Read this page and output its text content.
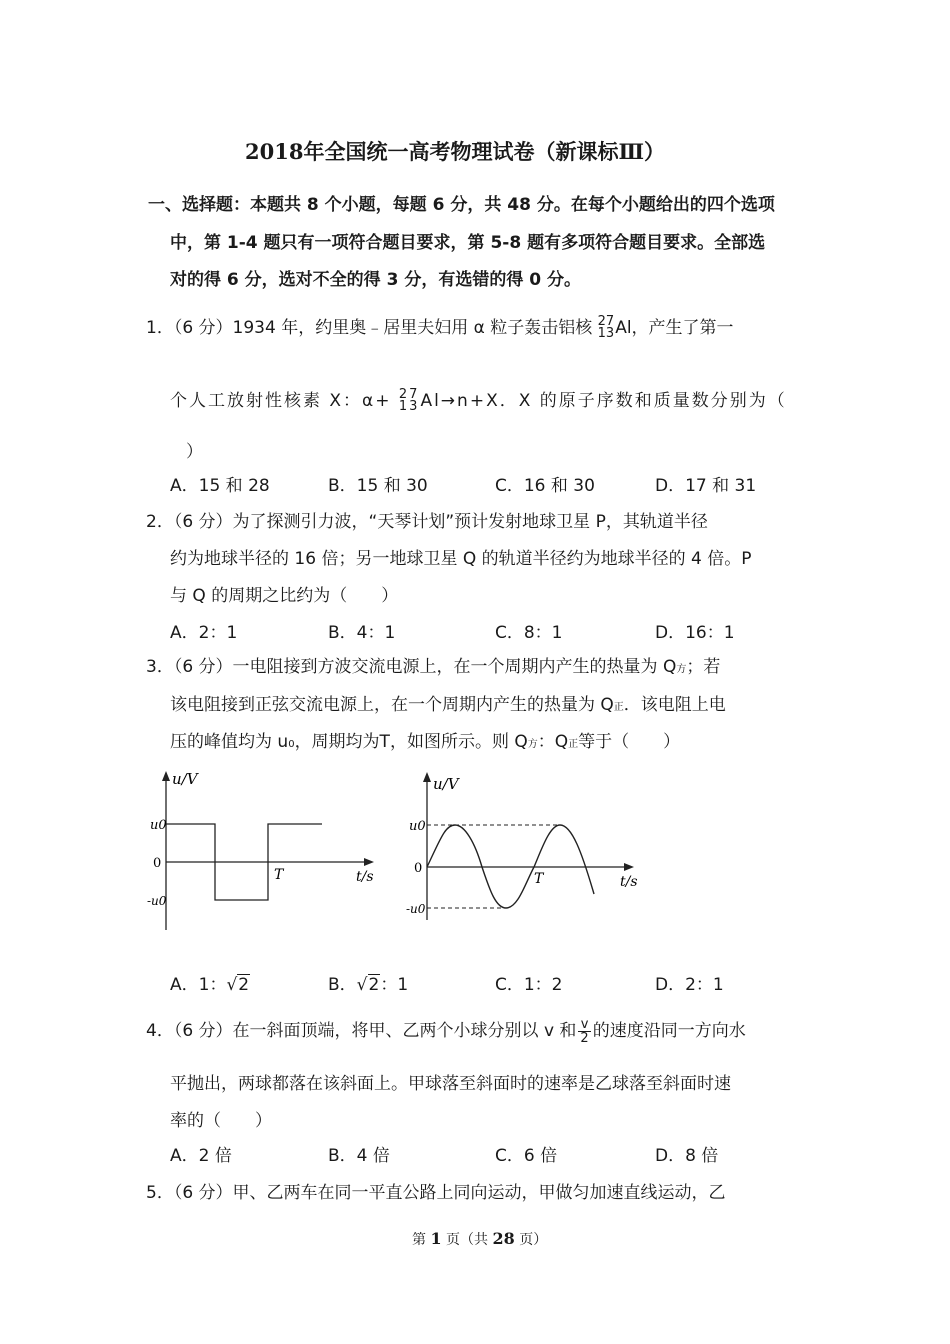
2018年全国统一高考物理试卷（新课标Ⅲ）
一、选择题：本题共 8 个小题，每题 6 分，共 48 分。在每个小题给出的四个选项
中，第 1-4 题只有一项符合题目要求，第 5-8 题有多项符合题目要求。全部选
对的得 6 分，选对不全的得 3 分，有选错的得 0 分。
1．（6 分）1934 年，约里奥﹣居里夫妇用 α 粒子轰击铝核 27
13 Al，产生了第一
个人工放射性核素 X：α+ 27
13 Al→n+X．X 的原子序数和质量数分别为（
）
A．15 和 28	B．15 和 30	C．16 和 30	D．17 和 31
2．（6 分）为了探测引力波，“天琴计划”预计发射地球卫星 P，其轨道半径
约为地球半径的 16 倍；另一地球卫星 Q 的轨道半径约为地球半径的 4 倍。P
与 Q 的周期之比约为（　　）
A．2：1	B．4：1	C．8：1	D．16：1
3．（6 分）一电阻接到方波交流电源上，在一个周期内产生的热量为 Q方；若
该电阻接到正弦交流电源上，在一个周期内产生的热量为 Q正．该电阻上电
压的峰值均为 u0，周期均为T，如图所示。则 Q方：Q正等于（　　）
u/V
u0
0
-u0
T	t/s
u/V
u0
0
-u0
T	t/s
A．1：√2	B．√2：1	C．1：2	D．2：1
4．（6 分）在一斜面顶端，将甲、乙两个小球分别以 v 和 $\frac{v}{2}$ 的速度沿同一方向水
平抛出，两球都落在该斜面上。甲球落至斜面时的速率是乙球落至斜面时速
率的（　　）
A．2 倍	B．4 倍	C．6 倍	D．8 倍
5．（6 分）甲、乙两车在同一平直公路上同向运动，甲做匀加速直线运动，乙
第 1 页（共 28 页）
